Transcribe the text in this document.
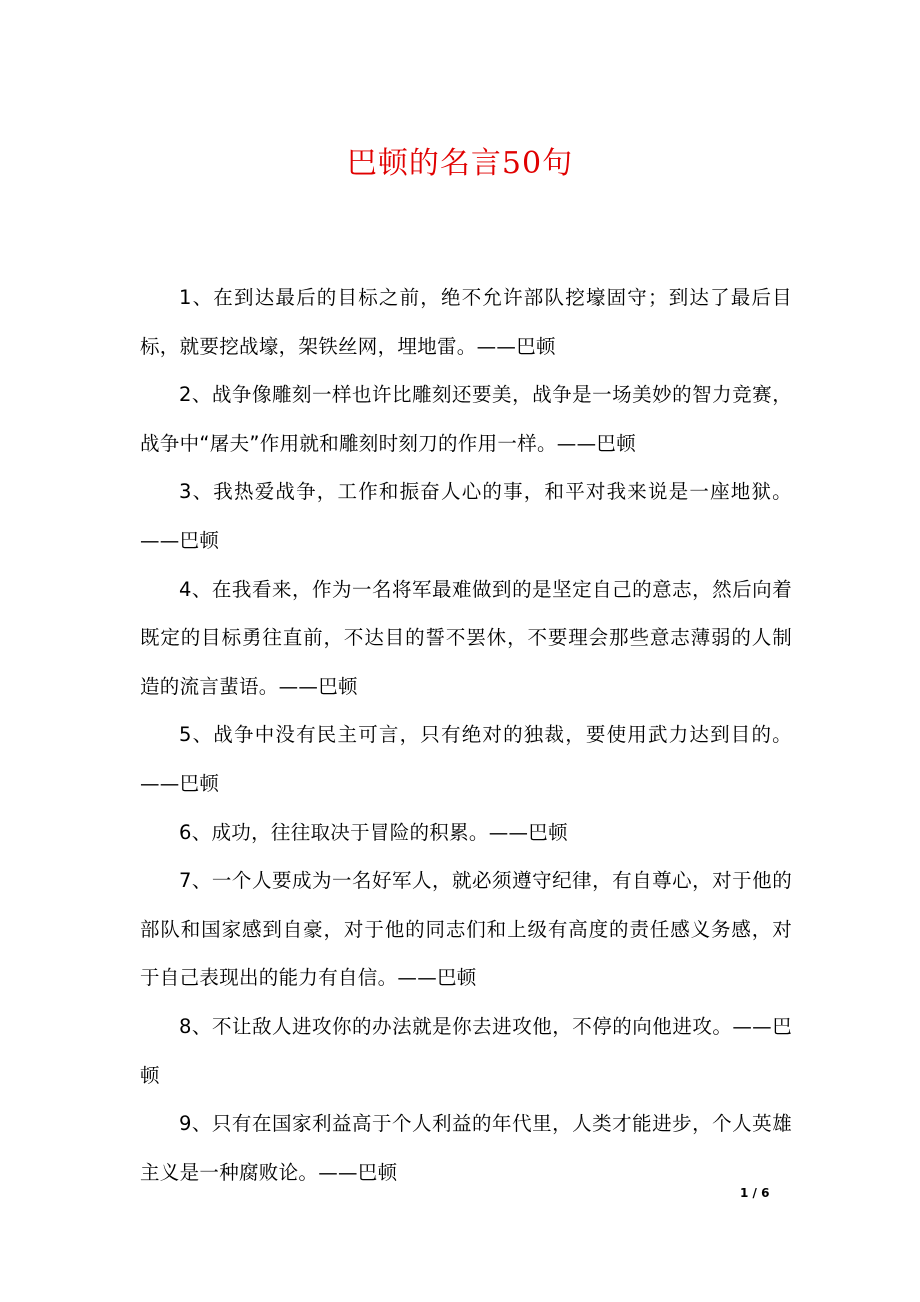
巴顿的名言50句

1、在到达最后的目标之前，绝不允许部队挖壕固守；到达了最后目标，就要挖战壕，架铁丝网，埋地雷。——巴顿

2、战争像雕刻一样也许比雕刻还要美，战争是一场美妙的智力竞赛，战争中“屠夫”作用就和雕刻时刻刀的作用一样。——巴顿

3、我热爱战争，工作和振奋人心的事，和平对我来说是一座地狱。——巴顿

4、在我看来，作为一名将军最难做到的是坚定自己的意志，然后向着既定的目标勇往直前，不达目的誓不罢休，不要理会那些意志薄弱的人制造的流言蜚语。——巴顿

5、战争中没有民主可言，只有绝对的独裁，要使用武力达到目的。——巴顿

6、成功，往往取决于冒险的积累。——巴顿

7、一个人要成为一名好军人，就必须遵守纪律，有自尊心，对于他的部队和国家感到自豪，对于他的同志们和上级有高度的责任感义务感，对于自己表现出的能力有自信。——巴顿

8、不让敌人进攻你的办法就是你去进攻他，不停的向他进攻。——巴顿

9、只有在国家利益高于个人利益的年代里，人类才能进步，个人英雄主义是一种腐败论。——巴顿

1 / 6
